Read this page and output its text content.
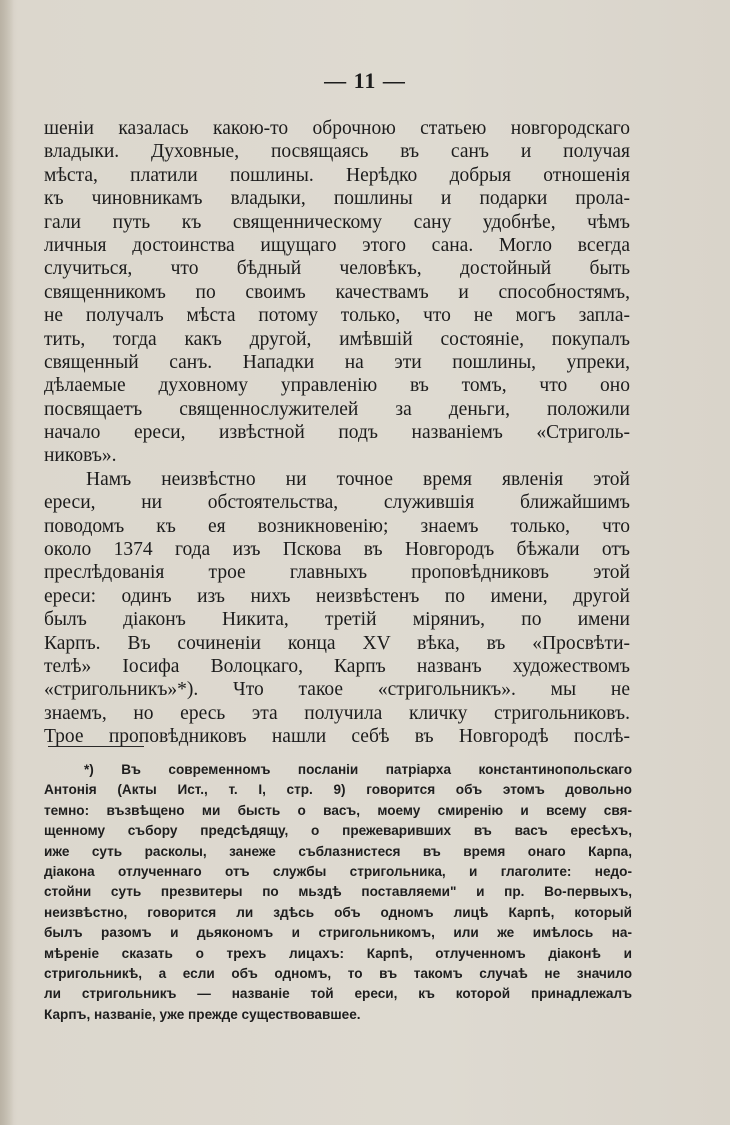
— 11 —
шеніи казалась какою-то оброчною статьею новгородскаго
владыки. Духовные, посвящаясь въ санъ и получая
мѣста, платили пошлины. Нерѣдко добрыя отношенія
къ чиновникамъ владыки, пошлины и подарки прола-
гали путь къ священническому сану удобнѣе, чѣмъ
личныя достоинства ищущаго этого сана. Могло всегда
случиться, что бѣдный человѣкъ, достойный быть
священникомъ по своимъ качествамъ и способностямъ,
не получалъ мѣста потому только, что не могъ запла-
тить, тогда какъ другой, имѣвшій состояніе, покупалъ
священный санъ. Нападки на эти пошлины, упреки,
дѣлаемые духовному управленію въ томъ, что оно
посвящаетъ священнослужителей за деньги, положили
начало ереси, извѣстной подъ названіемъ «Стриголь-
никовъ».
Намъ неизвѣстно ни точное время явленія этой
ереси, ни обстоятельства, служившія ближайшимъ
поводомъ къ ея возникновенію; знаемъ только, что
около 1374 года изъ Пскова въ Новгородъ бѣжали отъ
преслѣдованія трое главныхъ проповѣдниковъ этой
ереси: одинъ изъ нихъ неизвѣстенъ по имени, другой
былъ діаконъ Никита, третій міряниъ, по имени
Карпъ. Въ сочиненіи конца XV вѣка, въ «Просвѣти-
телѣ» Іосифа Волоцкаго, Карпъ названъ художествомъ
«стригольникъ»*). Что такое «стригольникъ». мы не
знаемъ, но ересь эта получила кличку стригольниковъ.
Трое проповѣдниковъ нашли себѣ въ Новгородѣ послѣ-
*) Въ современномъ посланіи патріарха константинопольскаго
Антонія (Акты Ист., т. I, стр. 9) говорится объ этомъ довольно
темно: възвѣщено ми бысть о васъ, моему смиренію и всему свя-
щенному събору предсѣдящу, о прежеваривших въ васъ ересѣхъ,
иже суть расколы, занеже съблазнистеся въ время онаго Карпа,
діакона отлученнаго отъ службы стригольника, и глаголите: недо-
стойни суть презвитеры по мьздѣ поставляеми" и пр. Во-первыхъ,
неизвѣстно, говорится ли здѣсь объ одномъ лицѣ Карпѣ, который
былъ разомъ и дьякономъ и стригольникомъ, или же имѣлось на-
мѣреніе сказать о трехъ лицахъ: Карпѣ, отлученномъ діаконѣ и
стригольникѣ, а если объ одномъ, то въ такомъ случаѣ не значило
ли стригольникъ — названіе той ереси, къ которой принадлежалъ
Карпъ, названіе, уже прежде существовавшее.
